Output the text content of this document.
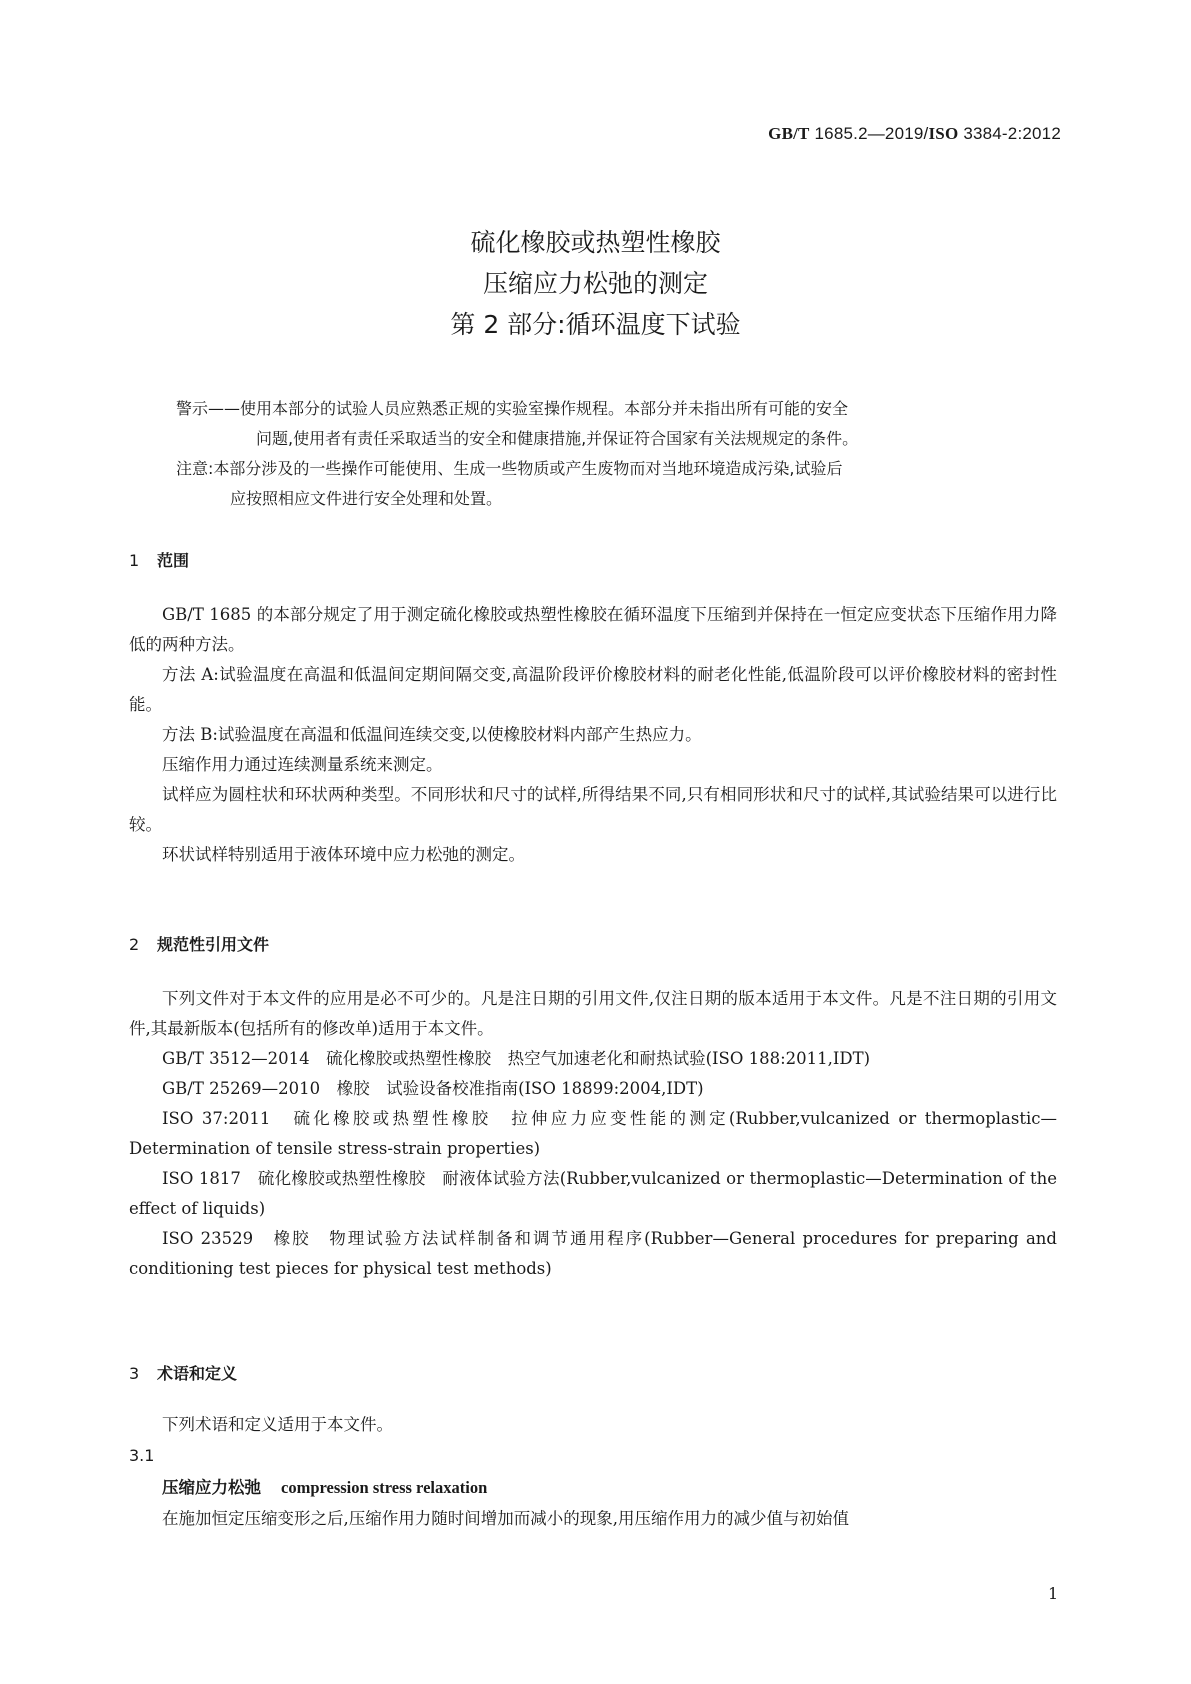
GB/T 1685.2—2019/ISO 3384-2:2012
硫化橡胶或热塑性橡胶
压缩应力松弛的测定
第 2 部分:循环温度下试验
警示——使用本部分的试验人员应熟悉正规的实验室操作规程。本部分并未指出所有可能的安全
问题,使用者有责任采取适当的安全和健康措施,并保证符合国家有关法规规定的条件。
注意:本部分涉及的一些操作可能使用、生成一些物质或产生废物而对当地环境造成污染,试验后
应按照相应文件进行安全处理和处置。
1 范围

GB/T 1685 的本部分规定了用于测定硫化橡胶或热塑性橡胶在循环温度下压缩到并保持在一恒定应变状态下压缩作用力降低的两种方法。

方法 A:试验温度在高温和低温间定期间隔交变,高温阶段评价橡胶材料的耐老化性能,低温阶段可以评价橡胶材料的密封性能。

方法 B:试验温度在高温和低温间连续交变,以使橡胶材料内部产生热应力。

压缩作用力通过连续测量系统来测定。

试样应为圆柱状和环状两种类型。不同形状和尺寸的试样,所得结果不同,只有相同形状和尺寸的试样,其试验结果可以进行比较。

环状试样特别适用于液体环境中应力松弛的测定。

2 规范性引用文件

下列文件对于本文件的应用是必不可少的。凡是注日期的引用文件,仅注日期的版本适用于本文件。凡是不注日期的引用文件,其最新版本(包括所有的修改单)适用于本文件。

GB/T 3512—2014　硫化橡胶或热塑性橡胶　热空气加速老化和耐热试验(ISO 188:2011,IDT)

GB/T 25269—2010　橡胶　试验设备校准指南(ISO 18899:2004,IDT)

ISO 37:2011　硫化橡胶或热塑性橡胶　拉伸应力应变性能的测定(Rubber,vulcanized or thermoplastic—Determination of tensile stress-strain properties)

ISO 1817　硫化橡胶或热塑性橡胶　耐液体试验方法(Rubber,vulcanized or thermoplastic—Determination of the effect of liquids)

ISO 23529　橡胶　物理试验方法试样制备和调节通用程序(Rubber—General procedures for preparing and conditioning test pieces for physical test methods)

3 术语和定义

下列术语和定义适用于本文件。

3.1
压缩应力松弛 compression stress relaxation

在施加恒定压缩变形之后,压缩作用力随时间增加而减小的现象,用压缩作用力的减少值与初始值

1
